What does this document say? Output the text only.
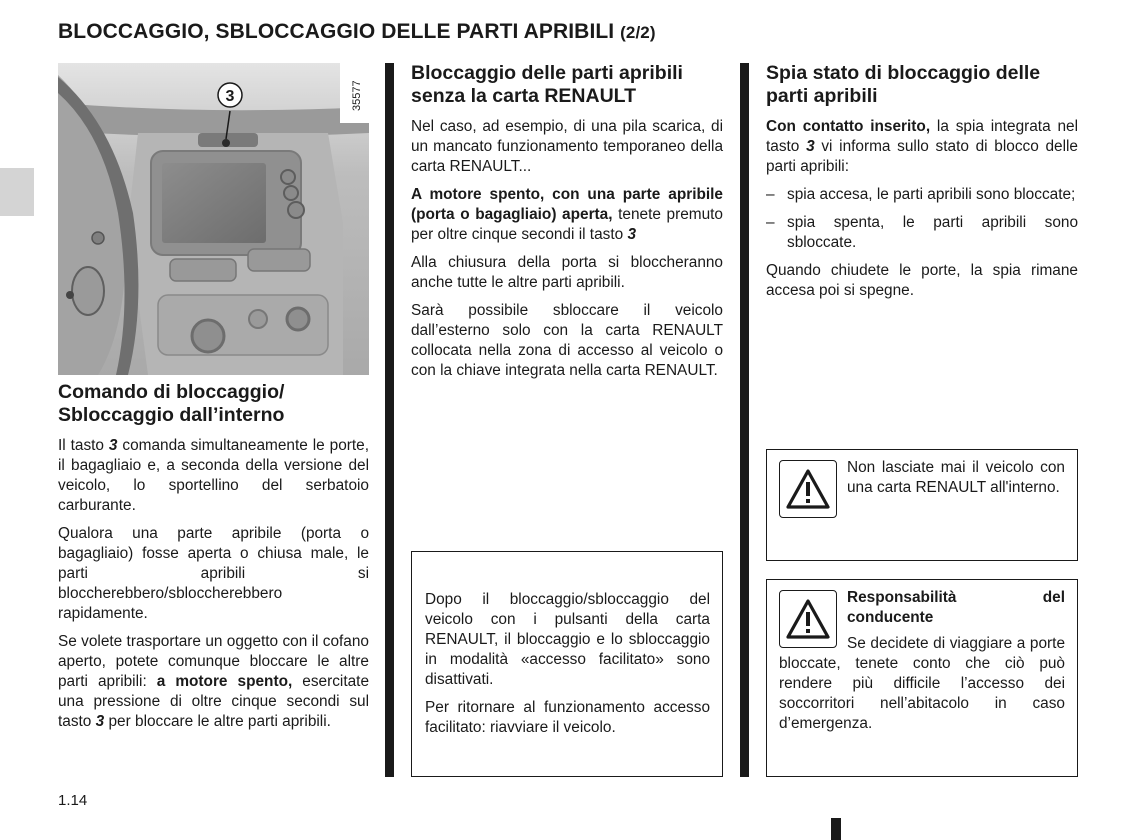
BLOCCAGGIO, SBLOCCAGGIO DELLE PARTI APRIBILI (2/2)
3	35577
Comando di bloccaggio/ Sbloccaggio dall’interno

Il tasto 3 comanda simultaneamente le porte, il bagagliaio e, a seconda della versione del veicolo, lo sportellino del serbatoio carburante.

Qualora una parte apribile (porta o bagagliaio) fosse aperta o chiusa male, le parti apribili si bloccherebbero/sbloccherebbero rapidamente.

Se volete trasportare un oggetto con il cofano aperto, potete comunque bloccare le altre parti apribili: a motore spento, esercitate una pressione di oltre cinque secondi sul tasto 3 per bloccare le altre parti apribili.

Bloccaggio delle parti apribili senza la carta RENAULT

Nel caso, ad esempio, di una pila scarica, di un mancato funzionamento temporaneo della carta RENAULT...

A motore spento, con una parte apribile (porta o bagagliaio) aperta, tenete premuto per oltre cinque secondi il tasto 3

Alla chiusura della porta si bloccheranno anche tutte le altre parti apribili.

Sarà possibile sbloccare il veicolo dall’esterno solo con la carta RENAULT collocata nella zona di accesso al veicolo o con la chiave integrata nella carta RENAULT.

Dopo il bloccaggio/sbloccaggio del veicolo con i pulsanti della carta RENAULT, il bloccaggio e lo sbloccaggio in modalità «accesso facilitato» sono disattivati.

Per ritornare al funzionamento accesso facilitato: riavviare il veicolo.

Spia stato di bloccaggio delle parti apribili

Con contatto inserito, la spia integrata nel tasto 3 vi informa sullo stato di blocco delle parti apribili:

– spia accesa, le parti apribili sono bloccate;
– spia spenta, le parti apribili sono sbloccate.

Quando chiudete le porte, la spia rimane accesa poi si spegne.

Non lasciate mai il veicolo con una carta RENAULT all'interno.

Responsabilità del conducente

Se decidete di viaggiare a porte bloccate, tenete conto che ciò può rendere più difficile l’accesso dei soccorritori nell’abitacolo in caso d’emergenza.

1.14
